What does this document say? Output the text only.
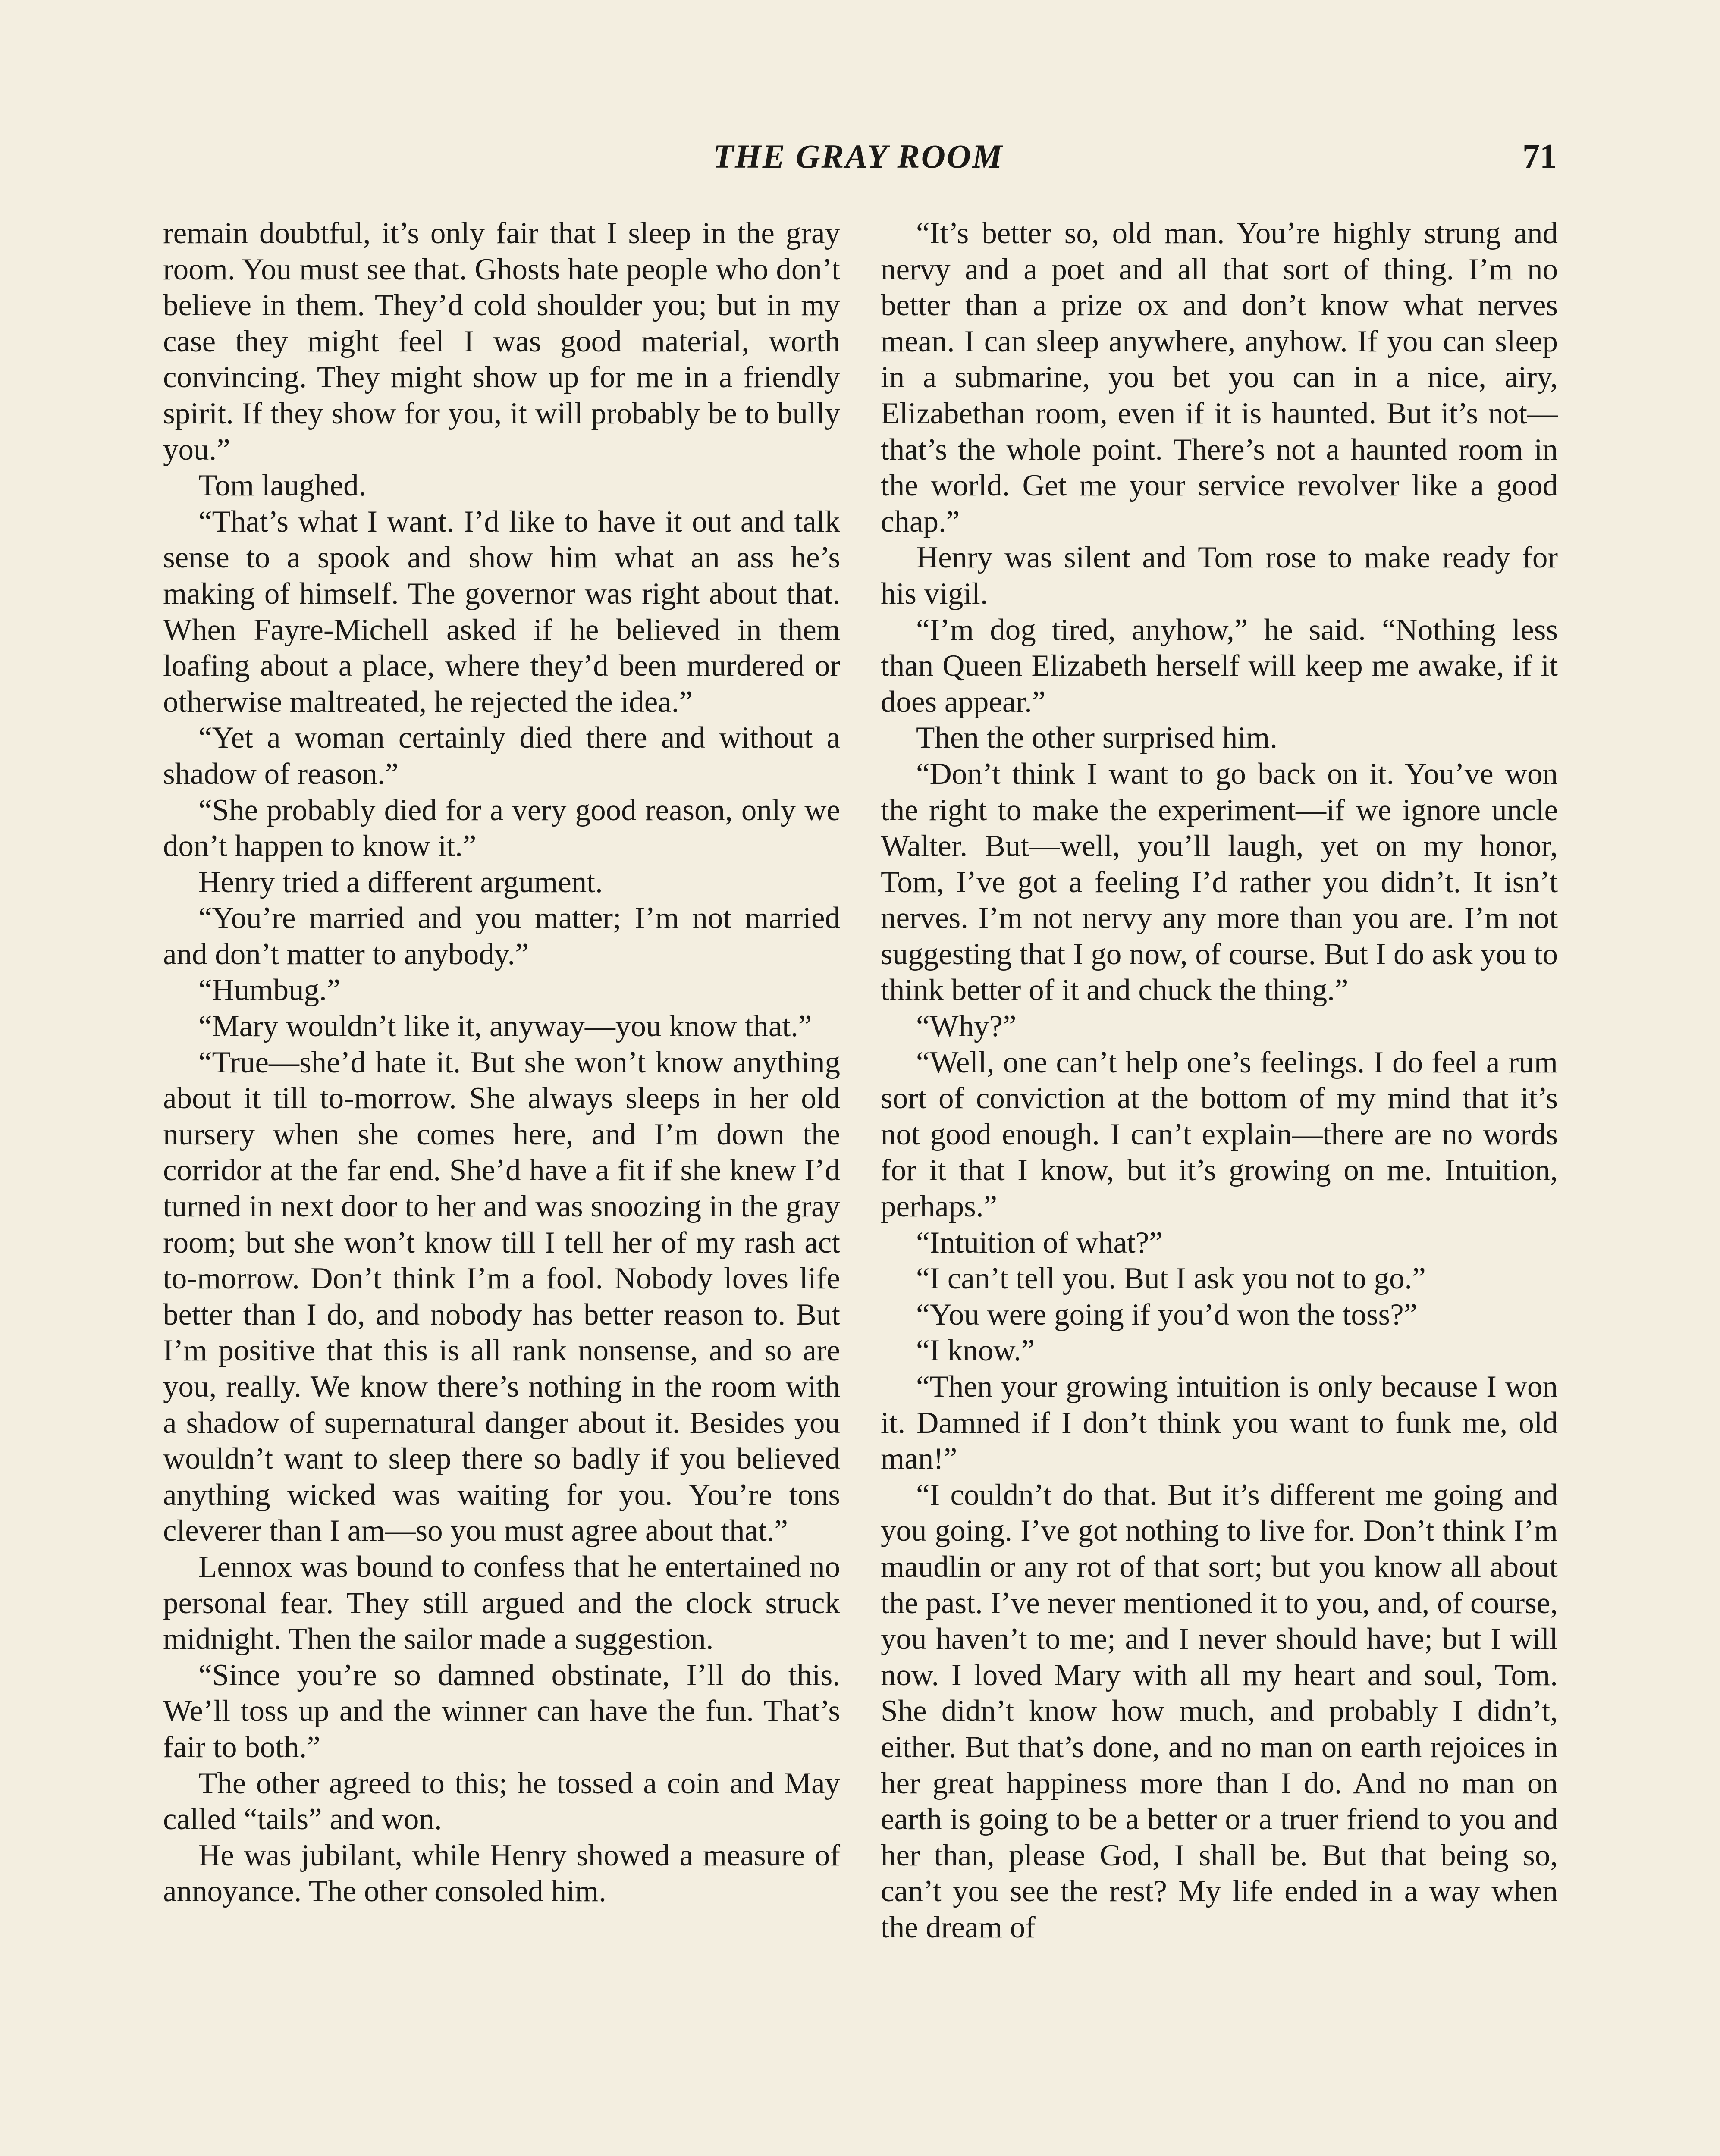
THE GRAY ROOM	71

remain doubtful, it’s only fair that I sleep in the gray room. You must see that. Ghosts hate people who don’t believe in them. They’d cold shoulder you; but in my case they might feel I was good material, worth convincing. They might show up for me in a friendly spirit. If they show for you, it will probably be to bully you.”

Tom laughed.

“That’s what I want. I’d like to have it out and talk sense to a spook and show him what an ass he’s making of himself. The governor was right about that. When Fayre-Michell asked if he believed in them loafing about a place, where they’d been murdered or otherwise maltreated, he rejected the idea.”

“Yet a woman certainly died there and without a shadow of reason.”

“She probably died for a very good reason, only we don’t happen to know it.”

Henry tried a different argument.

“You’re married and you matter; I’m not married and don’t matter to anybody.”

“Humbug.”

“Mary wouldn’t like it, anyway—you know that.”

“True—she’d hate it. But she won’t know anything about it till to-morrow. She always sleeps in her old nursery when she comes here, and I’m down the corridor at the far end. She’d have a fit if she knew I’d turned in next door to her and was snoozing in the gray room; but she won’t know till I tell her of my rash act to-morrow. Don’t think I’m a fool. Nobody loves life better than I do, and nobody has better reason to. But I’m positive that this is all rank nonsense, and so are you, really. We know there’s nothing in the room with a shadow of supernatural danger about it. Besides you wouldn’t want to sleep there so badly if you believed anything wicked was waiting for you. You’re tons cleverer than I am—so you must agree about that.”

Lennox was bound to confess that he entertained no personal fear. They still argued and the clock struck midnight. Then the sailor made a suggestion.

“Since you’re so damned obstinate, I’ll do this. We’ll toss up and the winner can have the fun. That’s fair to both.”

The other agreed to this; he tossed a coin and May called “tails” and won.

He was jubilant, while Henry showed a measure of annoyance. The other consoled him.

“It’s better so, old man. You’re highly strung and nervy and a poet and all that sort of thing. I’m no better than a prize ox and don’t know what nerves mean. I can sleep anywhere, anyhow. If you can sleep in a submarine, you bet you can in a nice, airy, Elizabethan room, even if it is haunted. But it’s not—that’s the whole point. There’s not a haunted room in the world. Get me your service revolver like a good chap.”

Henry was silent and Tom rose to make ready for his vigil.

“I’m dog tired, anyhow,” he said. “Nothing less than Queen Elizabeth herself will keep me awake, if it does appear.”

Then the other surprised him.

“Don’t think I want to go back on it. You’ve won the right to make the experiment—if we ignore uncle Walter. But—well, you’ll laugh, yet on my honor, Tom, I’ve got a feeling I’d rather you didn’t. It isn’t nerves. I’m not nervy any more than you are. I’m not suggesting that I go now, of course. But I do ask you to think better of it and chuck the thing.”

“Why?”

“Well, one can’t help one’s feelings. I do feel a rum sort of conviction at the bottom of my mind that it’s not good enough. I can’t explain—there are no words for it that I know, but it’s growing on me. Intuition, perhaps.”

“Intuition of what?”

“I can’t tell you. But I ask you not to go.”

“You were going if you’d won the toss?”

“I know.”

“Then your growing intuition is only because I won it. Damned if I don’t think you want to funk me, old man!”

“I couldn’t do that. But it’s different me going and you going. I’ve got nothing to live for. Don’t think I’m maudlin or any rot of that sort; but you know all about the past. I’ve never mentioned it to you, and, of course, you haven’t to me; and I never should have; but I will now. I loved Mary with all my heart and soul, Tom. She didn’t know how much, and probably I didn’t, either. But that’s done, and no man on earth rejoices in her great happiness more than I do. And no man on earth is going to be a better or a truer friend to you and her than, please God, I shall be. But that being so, can’t you see the rest? My life ended in a way when the dream of
